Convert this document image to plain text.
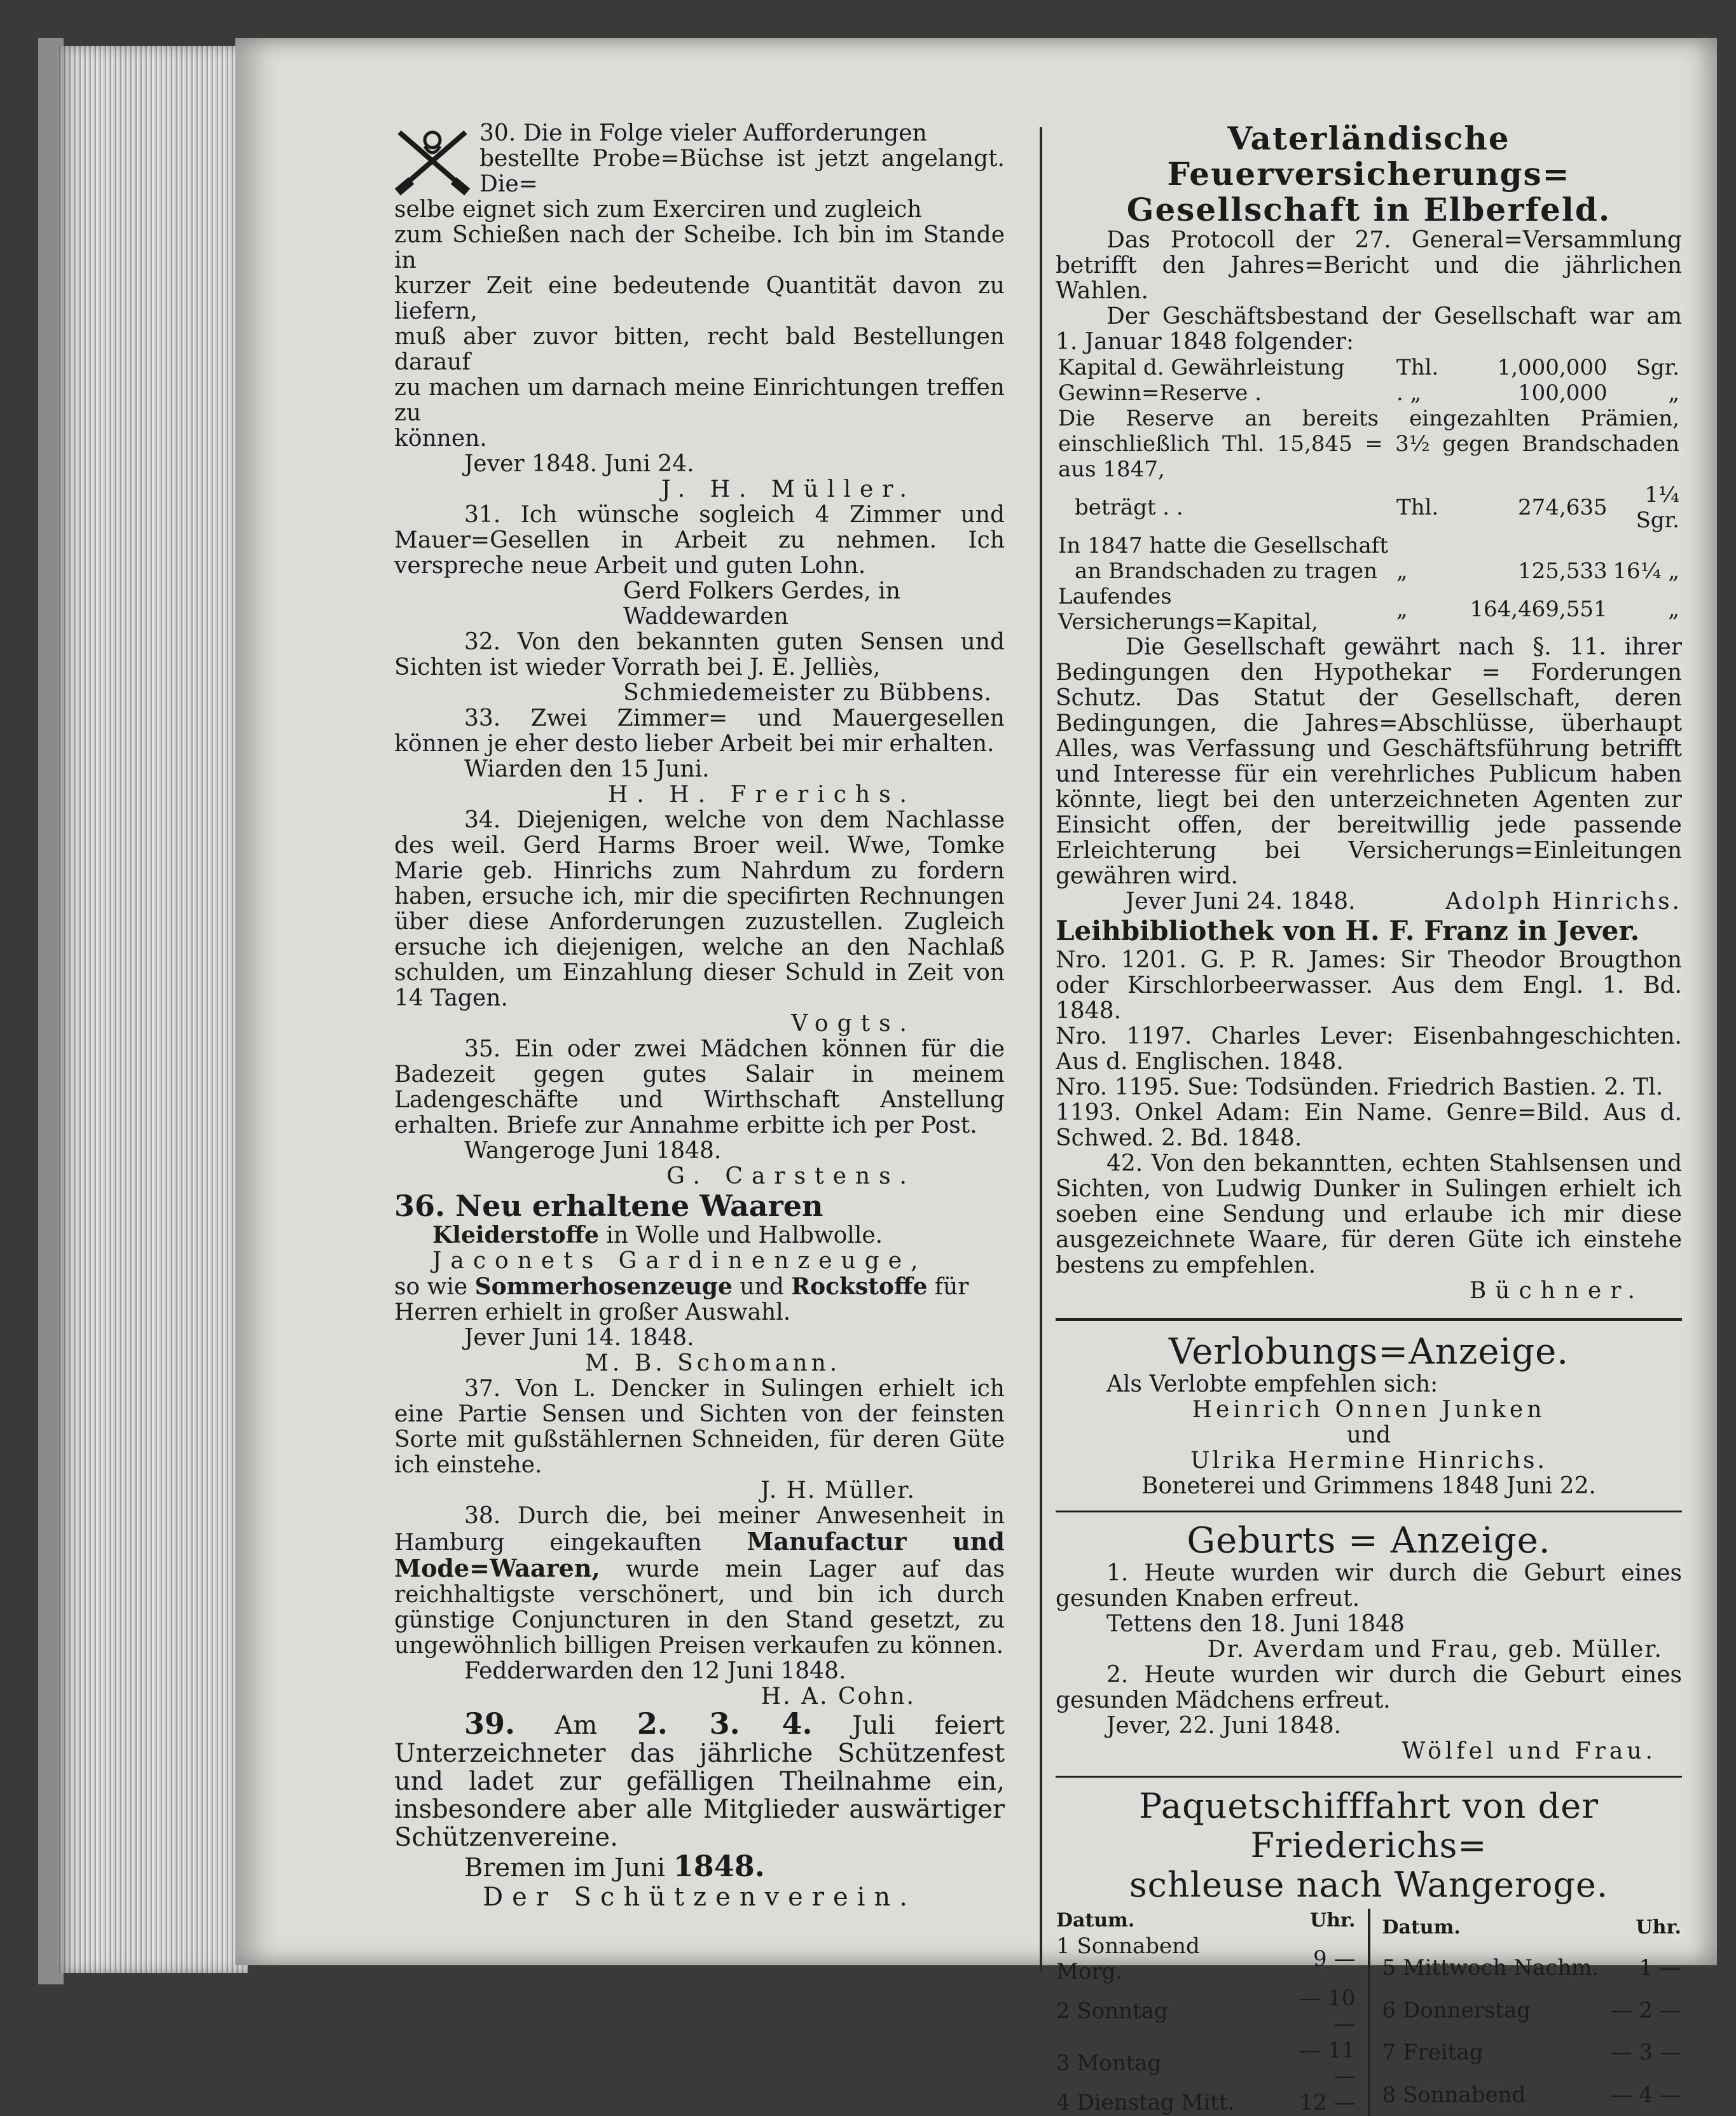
30. Die in Folge vieler Aufforderungen

bestellte Probe=Büchse ist jetzt angelangt. Die=

selbe eignet sich zum Exerciren und zugleich

zum Schießen nach der Scheibe. Ich bin im Stande in

kurzer Zeit eine bedeutende Quantität davon zu liefern,

muß aber zuvor bitten, recht bald Bestellungen darauf

zu machen um darnach meine Einrichtungen treffen zu

können.

Jever 1848. Juni 24.
J. H. Müller.

31. Ich wünsche sogleich 4 Zimmer und Mauer=Gesellen in Arbeit zu nehmen. Ich verspreche neue Arbeit und guten Lohn.

Gerd Folkers Gerdes, in
Waddewarden

32. Von den bekannten guten Sensen und Sichten ist wieder Vorrath bei J. E. Jelliès,

Schmiedemeister zu Bübbens.

33. Zwei Zimmer= und Mauergesellen können je eher desto lieber Arbeit bei mir erhalten.

Wiarden den 15 Juni.
H. H. Frerichs.

34. Diejenigen, welche von dem Nachlasse des weil. Gerd Harms Broer weil. Wwe, Tomke Marie geb. Hinrichs zum Nahrdum zu fordern haben, ersuche ich, mir die specifirten Rechnungen über diese Anforderungen zuzustellen. Zugleich ersuche ich diejenigen, welche an den Nachlaß schulden, um Einzahlung dieser Schuld in Zeit von 14 Tagen.

Vogts.

35. Ein oder zwei Mädchen können für die Badezeit gegen gutes Salair in meinem Ladengeschäfte und Wirthschaft Anstellung erhalten. Briefe zur Annahme erbitte ich per Post.

Wangeroge Juni 1848.
G. Carstens.
36. Neu erhaltene Waaren
Kleiderstoffe in Wolle und Halbwolle.
Jaconets Gardinenzeuge,
so wie Sommerhosenzeuge und Rockstoffe für
Herren erhielt in großer Auswahl.
Jever Juni 14. 1848.
M. B. Schomann.

37. Von L. Dencker in Sulingen erhielt ich eine Partie Sensen und Sichten von der feinsten Sorte mit gußstählernen Schneiden, für deren Güte ich einstehe.

J. H. Müller.

38. Durch die, bei meiner Anwesenheit in Hamburg eingekauften Manufactur und Mode=Waaren, wurde mein Lager auf das reichhaltigste verschönert, und bin ich durch günstige Conjuncturen in den Stand gesetzt, zu ungewöhnlich billigen Preisen verkaufen zu können.

Fedderwarden den 12 Juni 1848.
H. A. Cohn.

39. Am 2. 3. 4. Juli feiert Unterzeichneter das jährliche Schützenfest und ladet zur gefälligen Theilnahme ein, insbesondere aber alle Mitglieder auswärtiger Schützenvereine.

Bremen im Juni 1848.
Der Schützenverein.
Vaterländische Feuerversicherungs=
Gesellschaft in Elberfeld.

Das Protocoll der 27. General=Versammlung betrifft den Jahres=Bericht und die jährlichen Wahlen.

Der Geschäftsbestand der Gesellschaft war am 1. Januar 1848 folgender:

Kapital d. Gewährleistung	Thl.	1,000,000	Sgr.
Gewinn=Reserve .	. „	100,000	„
Die Reserve an bereits eingezahlten Prämien, einschließlich Thl. 15,845 = 3½ gegen Brandschaden aus 1847,			
beträgt . .	Thl.	274,635	1¼ Sgr.
In 1847 hatte die Gesellschaft			
an Brandschaden zu tragen	„	125,533	16¼ „
Laufendes Versicherungs=Kapital,	„	164,469,551	„

Die Gesellschaft gewährt nach §. 11. ihrer Bedingungen den Hypothekar = Forderungen Schutz. Das Statut der Gesellschaft, deren Bedingungen, die Jahres=Abschlüsse, überhaupt Alles, was Verfassung und Geschäftsführung betrifft und Interesse für ein verehrliches Publicum haben könnte, liegt bei den unterzeichneten Agenten zur Einsicht offen, der bereitwillig jede passende Erleichterung bei Versicherungs=Einleitungen gewähren wird.

Jever Juni 24. 1848.	Adolph Hinrichs.
Leihbibliothek von H. F. Franz in Jever.

Nro. 1201. G. P. R. James: Sir Theodor Brougthon oder Kirschlorbeerwasser. Aus dem Engl. 1. Bd. 1848.

Nro. 1197. Charles Lever: Eisenbahngeschichten. Aus d. Englischen. 1848.

Nro. 1195. Sue: Todsünden. Friedrich Bastien. 2. Tl.

1193. Onkel Adam: Ein Name. Genre=Bild. Aus d. Schwed. 2. Bd. 1848.

42. Von den bekanntten, echten Stahlsensen und Sichten, von Ludwig Dunker in Sulingen erhielt ich soeben eine Sendung und erlaube ich mir diese ausgezeichnete Waare, für deren Güte ich einstehe bestens zu empfehlen.

Büchner.
Verlobungs=Anzeige.
Als Verlobte empfehlen sich:
Heinrich Onnen Junken
und
Ulrika Hermine Hinrichs.
Boneterei und Grimmens 1848 Juni 22.
Geburts = Anzeige.

1. Heute wurden wir durch die Geburt eines gesunden Knaben erfreut.

Tettens den 18. Juni 1848
Dr. Averdam und Frau, geb. Müller.

2. Heute wurden wir durch die Geburt eines gesunden Mädchens erfreut.

Jever, 22. Juni 1848.
Wölfel und Frau.
Paquetschifffahrt von der Friederichs=
schleuse nach Wangeroge.
Datum.	Uhr.
1 Sonnabend Morg.	9 —
2 Sonntag	— 10 —
3 Montag	— 11 —
4 Dienstag Mitt.	12 —
Datum.	Uhr.
5 Mittwoch Nachm.	1 —
6 Donnerstag	— 2 —
7 Freitag	— 3 —
8 Sonnabend	— 4 —
